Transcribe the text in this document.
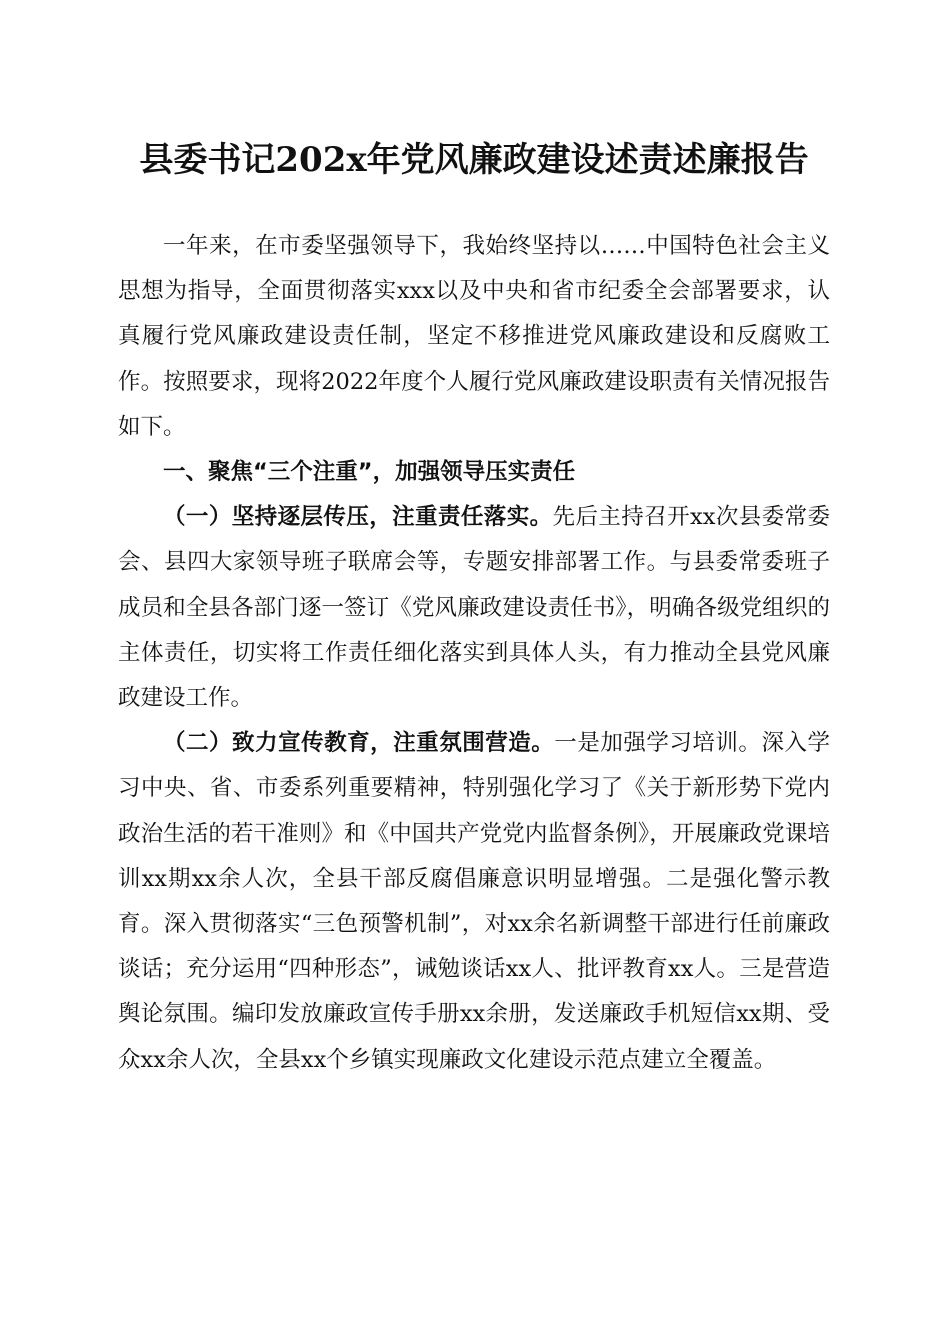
县委书记202x年党风廉政建设述责述廉报告

一年来，在市委坚强领导下，我始终坚持以……中国特色社会主义思想为指导，全面贯彻落实xxx以及中央和省市纪委全会部署要求，认真履行党风廉政建设责任制，坚定不移推进党风廉政建设和反腐败工作。按照要求，现将2022年度个人履行党风廉政建设职责有关情况报告如下。

一、聚焦“三个注重”，加强领导压实责任

（一）坚持逐层传压，注重责任落实。先后主持召开xx次县委常委会、县四大家领导班子联席会等，专题安排部署工作。与县委常委班子成员和全县各部门逐一签订《党风廉政建设责任书》，明确各级党组织的主体责任，切实将工作责任细化落实到具体人头，有力推动全县党风廉政建设工作。

（二）致力宣传教育，注重氛围营造。一是加强学习培训。深入学习中央、省、市委系列重要精神，特别强化学习了《关于新形势下党内政治生活的若干准则》和《中国共产党党内监督条例》，开展廉政党课培训xx期xx余人次，全县干部反腐倡廉意识明显增强。二是强化警示教育。深入贯彻落实“三色预警机制”，对xx余名新调整干部进行任前廉政谈话；充分运用“四种形态”，诫勉谈话xx人、批评教育xx人。三是营造舆论氛围。编印发放廉政宣传手册xx余册，发送廉政手机短信xx期、受众xx余人次，全县xx个乡镇实现廉政文化建设示范点建立全覆盖。
